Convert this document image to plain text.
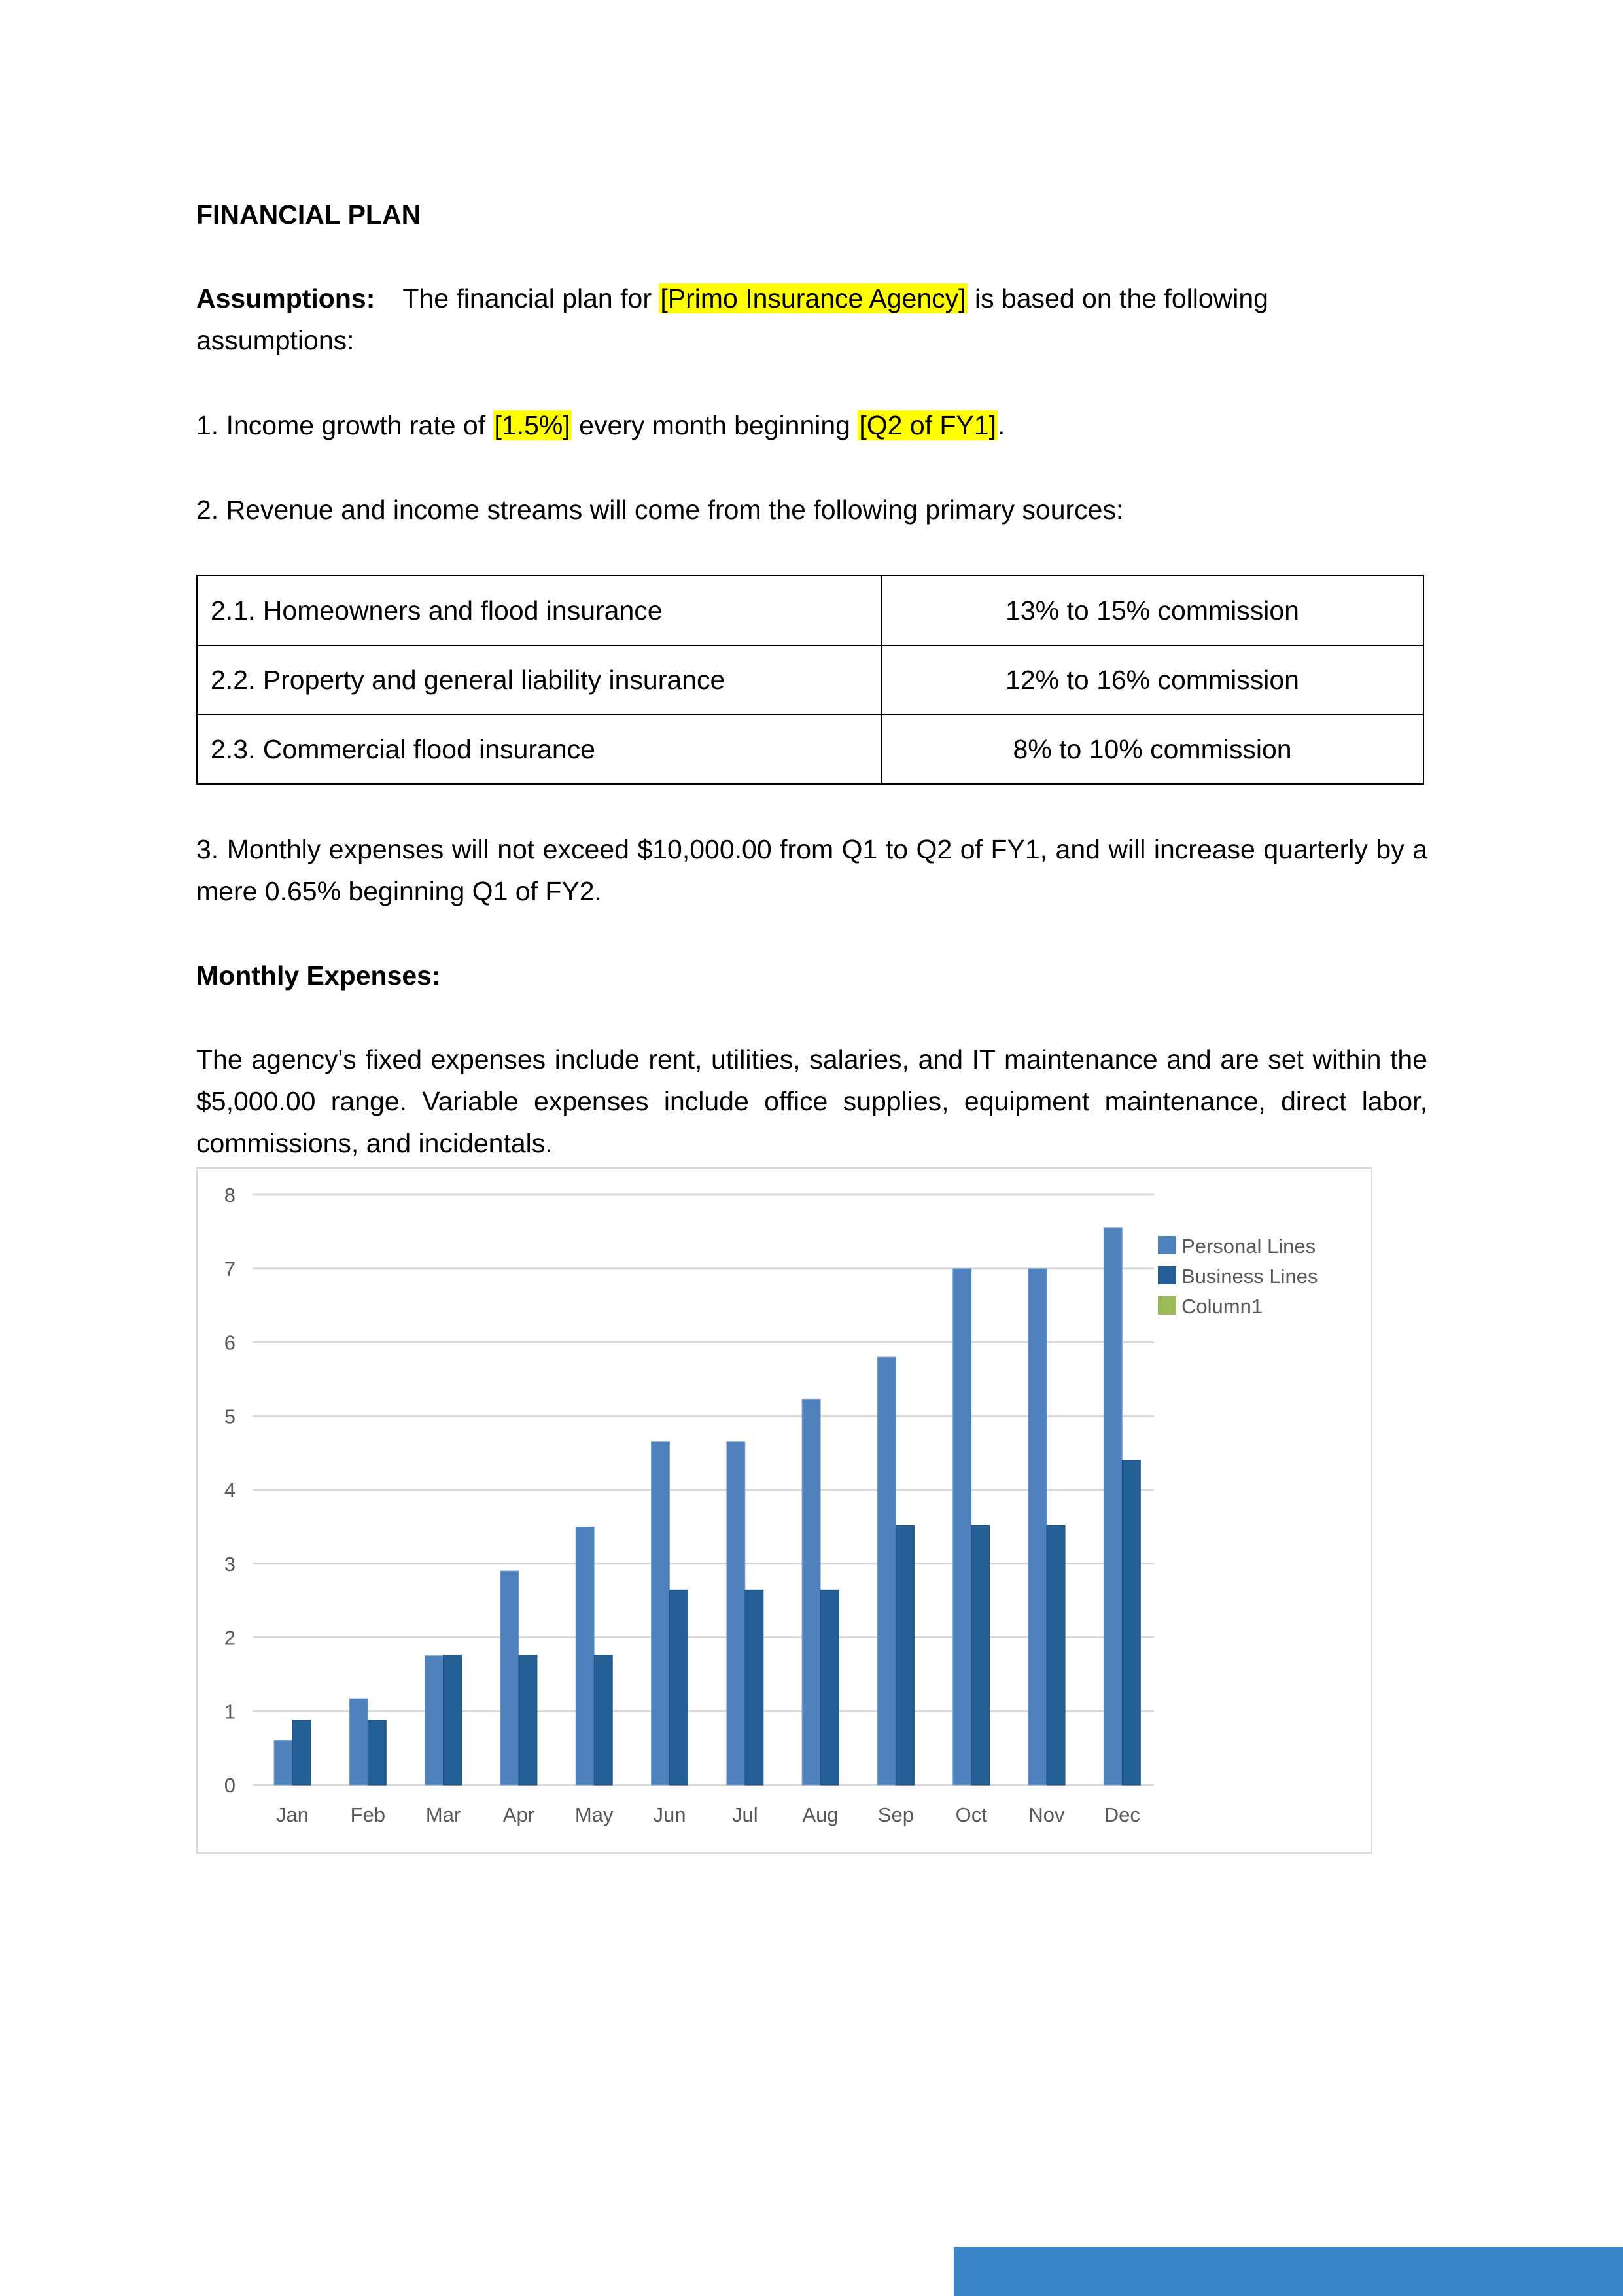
FINANCIAL PLAN

Assumptions: The financial plan for [Primo Insurance Agency] is based on the following assumptions:

1. Income growth rate of [1.5%] every month beginning [Q2 of FY1].

2. Revenue and income streams will come from the following primary sources:

2.1. Homeowners and flood insurance	13% to 15% commission
2.2. Property and general liability insurance	12% to 16% commission
2.3. Commercial flood insurance	8% to 10% commission

3. Monthly expenses will not exceed $10,000.00 from Q1 to Q2 of FY1, and will increase quarterly by a mere 0.65% beginning Q1 of FY2.

Monthly Expenses:

The agency's fixed expenses include rent, utilities, salaries, and IT maintenance and are set within the $5,000.00 range. Variable expenses include office supplies, equipment maintenance, direct labor, commissions, and incidentals.

0
1
2
3
4
5
6
7
8
Jan Feb Mar Apr May Jun Jul Aug Sep Oct Nov Dec
Personal Lines
Business Lines
Column1
